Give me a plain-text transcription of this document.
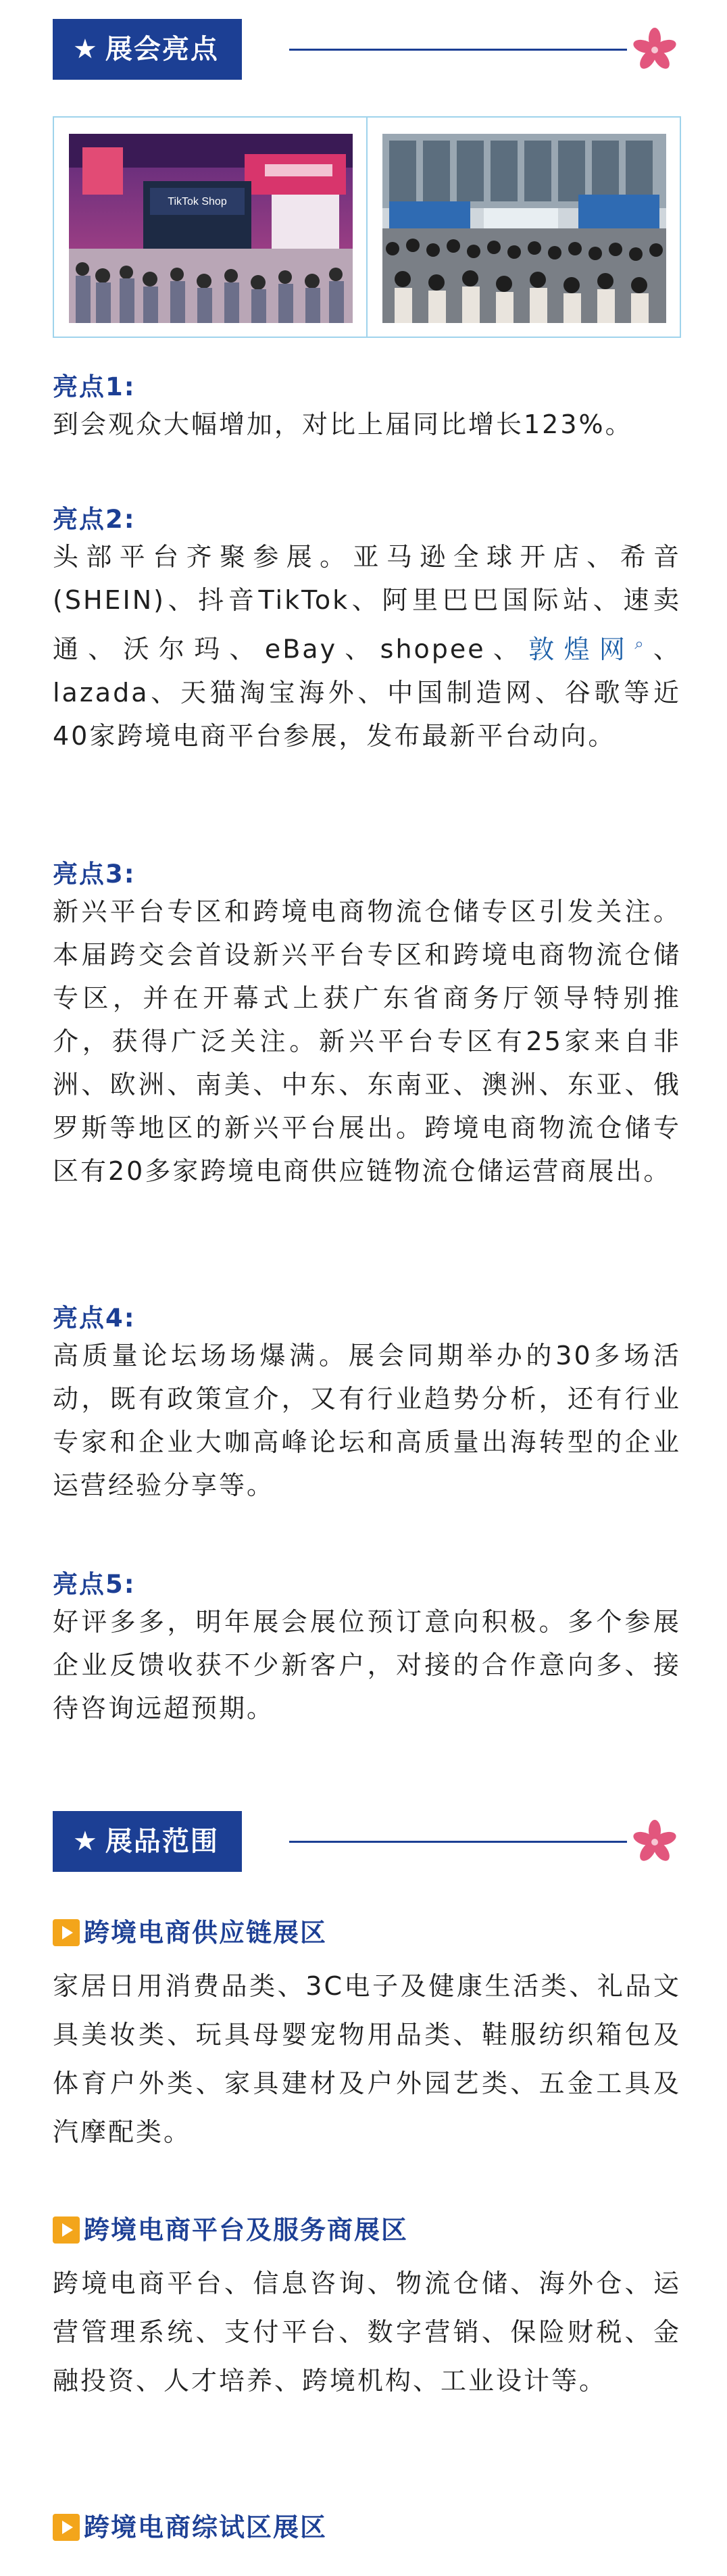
★ 展会亮点
TikTok Shop
亮点1:
到会观众大幅增加，对比上届同比增长123%。
亮点2:
头部平台齐聚参展。亚马逊全球开店、希音(SHEIN)、抖音TikTok、阿里巴巴国际站、速卖通、沃尔玛、eBay、shopee、敦煌网⌕、lazada、天猫淘宝海外、中国制造网、谷歌等近40家跨境电商平台参展，发布最新平台动向。
亮点3:
新兴平台专区和跨境电商物流仓储专区引发关注。本届跨交会首设新兴平台专区和跨境电商物流仓储专区，并在开幕式上获广东省商务厅领导特别推介，获得广泛关注。新兴平台专区有25家来自非洲、欧洲、南美、中东、东南亚、澳洲、东亚、俄罗斯等地区的新兴平台展出。跨境电商物流仓储专区有20多家跨境电商供应链物流仓储运营商展出。
亮点4:
高质量论坛场场爆满。展会同期举办的30多场活动，既有政策宣介，又有行业趋势分析，还有行业专家和企业大咖高峰论坛和高质量出海转型的企业运营经验分享等。
亮点5:
好评多多，明年展会展位预订意向积极。多个参展企业反馈收获不少新客户，对接的合作意向多、接待咨询远超预期。
★ 展品范围
跨境电商供应链展区
家居日用消费品类、3C电子及健康生活类、礼品文具美妆类、玩具母婴宠物用品类、鞋服纺织箱包及体育户外类、家具建材及户外园艺类、五金工具及汽摩配类。
跨境电商平台及服务商展区
跨境电商平台、信息咨询、物流仓储、海外仓、运营管理系统、支付平台、数字营销、保险财税、金融投资、人才培养、跨境机构、工业设计等。
跨境电商综试区展区
